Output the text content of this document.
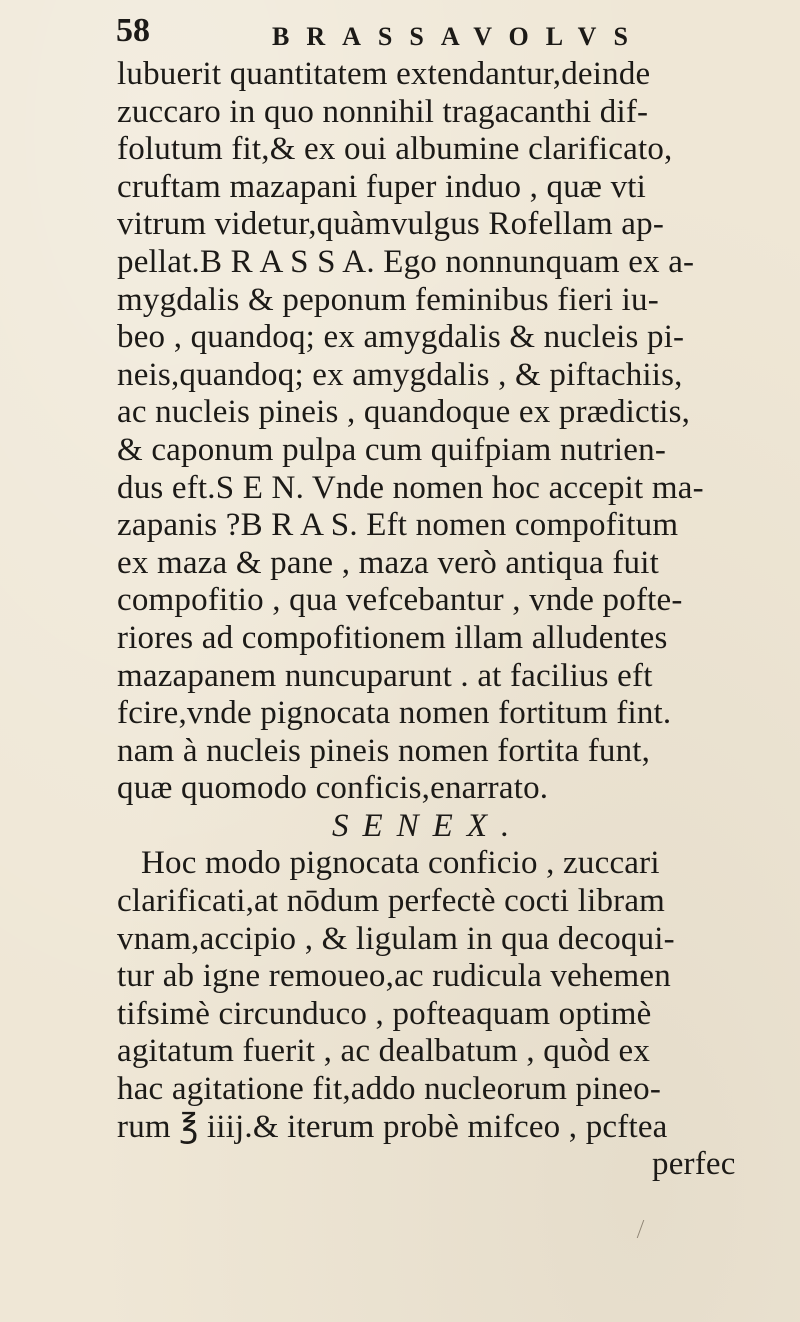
58	BRASSAVOLVS
lubuerit quantitatem extendantur,deinde
zuccaro in quo nonnihil tragacanthi dif-
folutum fit,& ex oui albumine clarificato,
cruftam mazapani fuper induo , quæ vti
vitrum videtur,quàmvulgus Rofellam ap-
pellat.B R A S S A. Ego nonnunquam ex a-
mygdalis & peponum feminibus fieri iu-
beo , quandoq; ex amygdalis & nucleis pi-
neis,quandoq; ex amygdalis , & piftachiis,
ac nucleis pineis , quandoque ex prædictis,
& caponum pulpa cum quifpiam nutrien-
dus eft.S E N. Vnde nomen hoc accepit ma-
zapanis ?B R A S. Eft nomen compofitum
ex maza & pane , maza verò antiqua fuit
compofitio , qua vefcebantur , vnde pofte-
riores ad compofitionem illam alludentes
mazapanem nuncuparunt . at facilius eft
fcire,vnde pignocata nomen fortitum fint.
nam à nucleis pineis nomen fortita funt,
quæ quomodo conficis,enarrato.
SENEX.
Hoc modo pignocata conficio , zuccari
clarificati,at nōdum perfectè cocti libram
vnam,accipio , & ligulam in qua decoqui-
tur ab igne remoueo,ac rudicula vehemen
tifsimè circunduco , pofteaquam optimè
agitatum fuerit , ac dealbatum , quòd ex
hac agitatione fit,addo nucleorum pineo-
rum ℥ iiij.& iterum probè mifceo , pcftea
perfec
